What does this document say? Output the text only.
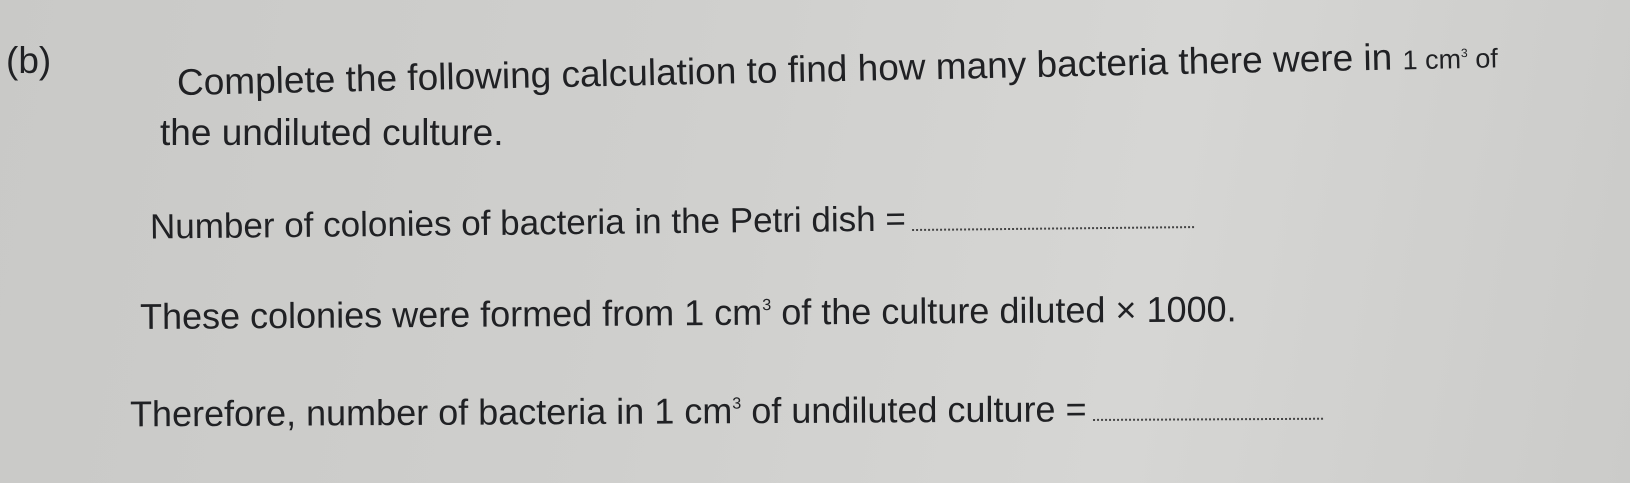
(b)	Complete the following calculation to find how many bacteria there were in 1 $cm^3$ of
the undiluted culture.
Number of colonies of bacteria in the Petri dish =
These colonies were formed from 1 $cm^3$ of the culture diluted × 1000.
Therefore, number of bacteria in 1 $cm^3$ of undiluted culture =
